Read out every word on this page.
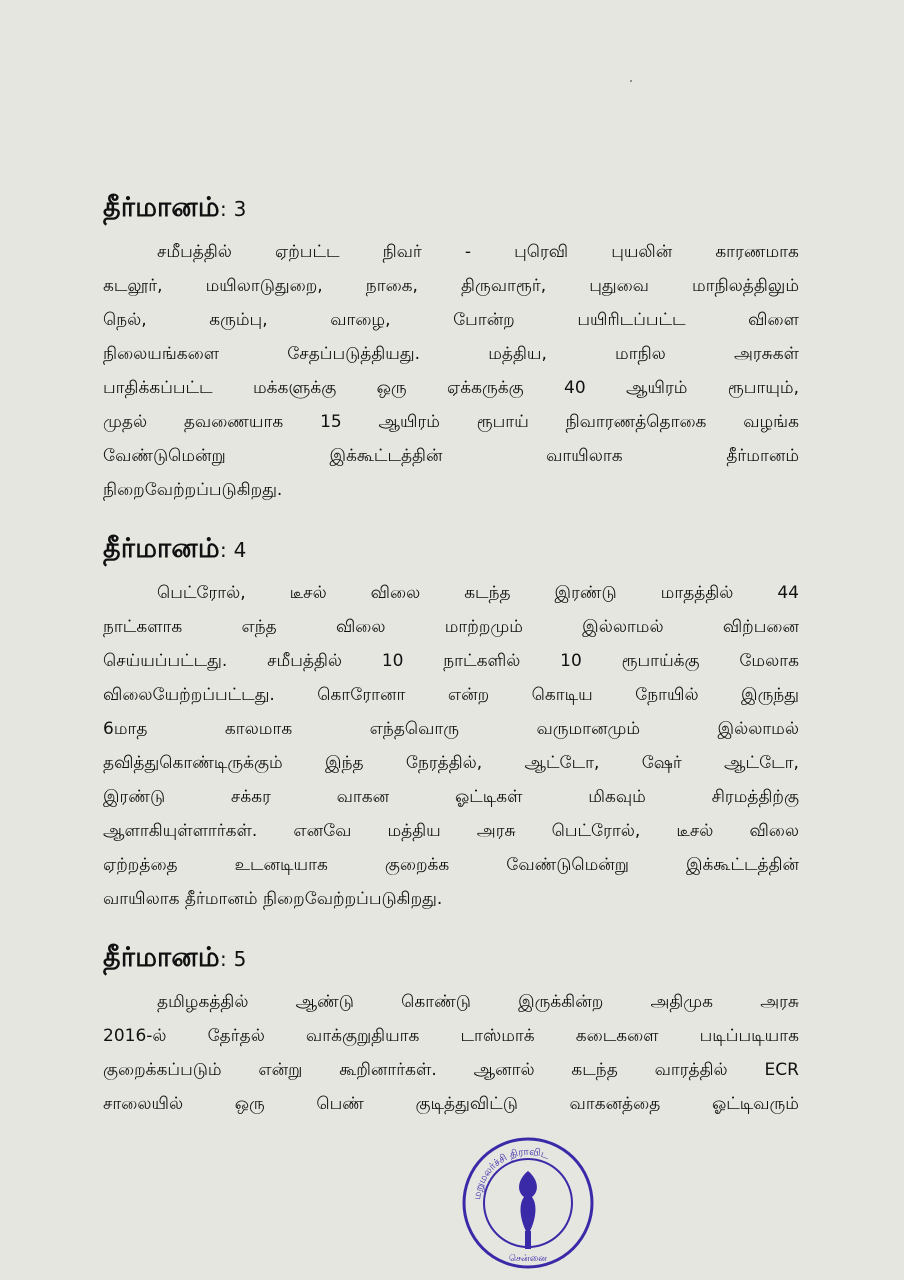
தீர்மானம்: 3
சமீபத்தில்	ஏற்பட்ட	நிவர்	-	புரெவி	புயலின்	காரணமாக
கடலூர்,	மயிலாடுதுறை,	நாகை,	திருவாரூர்,	புதுவை	மாநிலத்திலும்
நெல்,	கரும்பு,	வாழை,	போன்ற	பயிரிடப்பட்ட	விளை
நிலையங்களை	சேதப்படுத்தியது.	மத்திய,	மாநில	அரசுகள்
பாதிக்கப்பட்ட மக்களுக்கு ஒரு ஏக்கருக்கு 40 ஆயிரம் ரூபாயும்,
முதல் தவணையாக 15 ஆயிரம் ரூபாய் நிவாரணத்தொகை வழங்க
வேண்டுமென்று	இக்கூட்டத்தின்	வாயிலாக	தீர்மானம்
நிறைவேற்றப்படுகிறது.
தீர்மானம்: 4
பெட்ரோல்,	டீசல்	விலை	கடந்த	இரண்டு	மாதத்தில்	44
நாட்களாக	எந்த	விலை	மாற்றமும்	இல்லாமல்	விற்பனை
செய்யப்பட்டது. சமீபத்தில் 10 நாட்களில் 10 ரூபாய்க்கு மேலாக
விலையேற்றப்பட்டது. கொரோனா என்ற கொடிய நோயில் இருந்து
6மாத	காலமாக	எந்தவொரு	வருமானமும்	இல்லாமல்
தவித்துகொண்டிருக்கும் இந்த நேரத்தில், ஆட்டோ, ஷேர் ஆட்டோ,
இரண்டு	சக்கர	வாகன	ஓட்டிகள்	மிகவும்	சிரமத்திற்கு
ஆளாகியுள்ளார்கள். எனவே மத்திய அரசு பெட்ரோல், டீசல் விலை
ஏற்றத்தை	உடனடியாக	குறைக்க	வேண்டுமென்று	இக்கூட்டத்தின்
வாயிலாக தீர்மானம் நிறைவேற்றப்படுகிறது.
தீர்மானம்: 5
தமிழகத்தில்	ஆண்டு	கொண்டு	இருக்கின்ற	அதிமுக	அரசு
2016-ல் தேர்தல் வாக்குறுதியாக டாஸ்மாக் கடைகளை படிப்படியாக
குறைக்கப்படும் என்று கூறினார்கள். ஆனால் கடந்த வாரத்தில் ECR
சாலையில்	ஒரு	பெண்	குடித்துவிட்டு	வாகனத்தை	ஓட்டிவரும்
மறுமலர்ச்சி திராவிட
சென்னை
